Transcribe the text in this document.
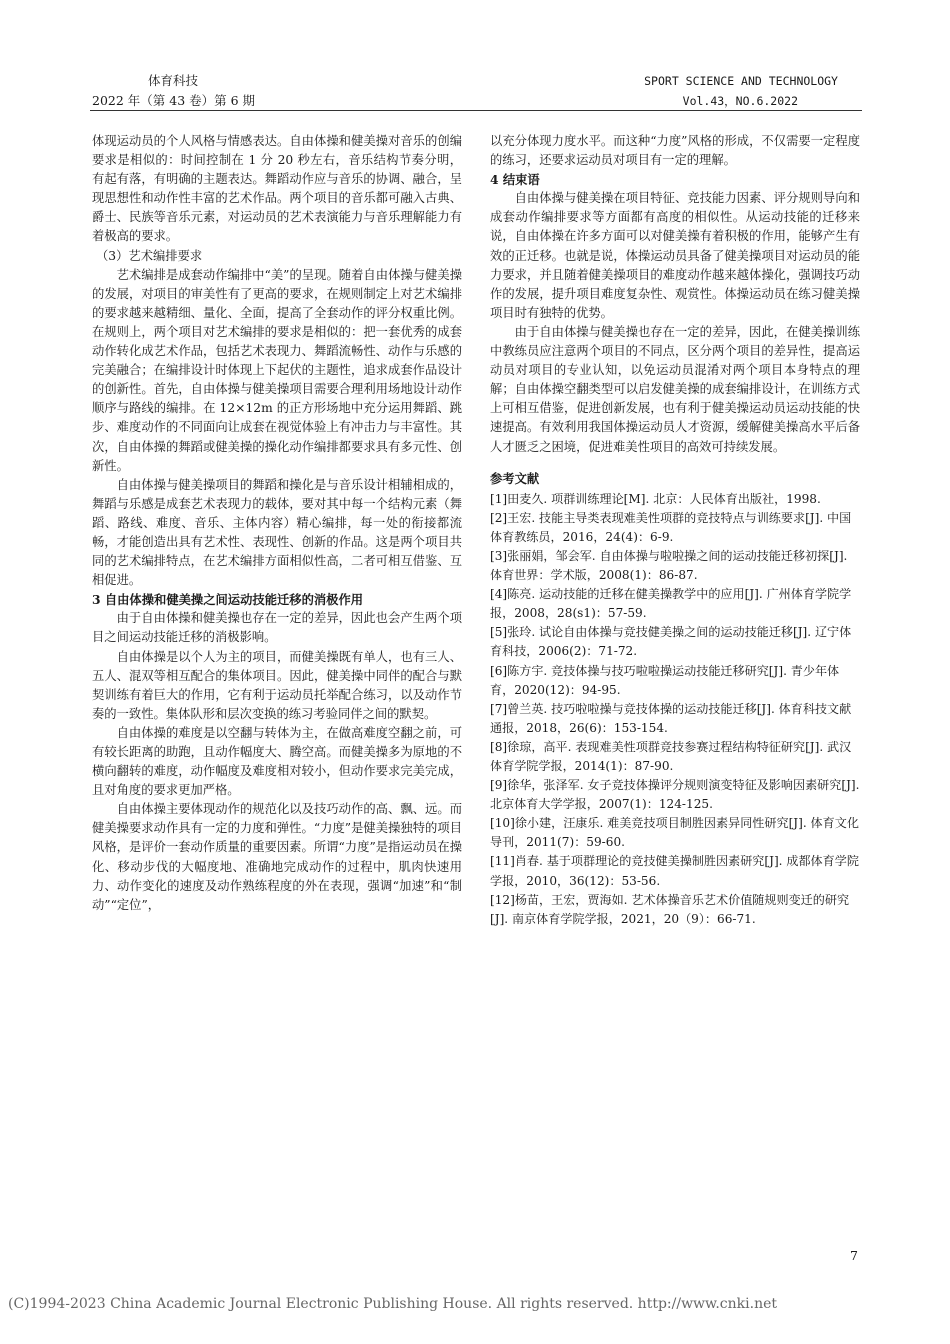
体育科技
2022 年（第 43 卷）第 6 期
SPORT SCIENCE AND TECHNOLOGY
Vol.43，NO.6.2022

体现运动员的个人风格与情感表达。自由体操和健美操对音乐的创编要求是相似的：时间控制在 1 分 20 秒左右，音乐结构节奏分明，有起有落，有明确的主题表达。舞蹈动作应与音乐的协调、融合，呈现思想性和动作性丰富的艺术作品。两个项目的音乐都可融入古典、爵士、民族等音乐元素，对运动员的艺术表演能力与音乐理解能力有着极高的要求。

（3）艺术编排要求

艺术编排是成套动作编排中“美”的呈现。随着自由体操与健美操的发展，对项目的审美性有了更高的要求，在规则制定上对艺术编排的要求越来越精细、量化、全面，提高了全套动作的评分权重比例。在规则上，两个项目对艺术编排的要求是相似的：把一套优秀的成套动作转化成艺术作品，包括艺术表现力、舞蹈流畅性、动作与乐感的完美融合；在编排设计时体现上下起伏的主题性，追求成套作品设计的创新性。首先，自由体操与健美操项目需要合理利用场地设计动作顺序与路线的编排。在 12×12m 的正方形场地中充分运用舞蹈、跳步、难度动作的不同面向让成套在视觉体验上有冲击力与丰富性。其次，自由体操的舞蹈或健美操的操化动作编排都要求具有多元性、创新性。

自由体操与健美操项目的舞蹈和操化是与音乐设计相辅相成的，舞蹈与乐感是成套艺术表现力的载体，要对其中每一个结构元素（舞蹈、路线、难度、音乐、主体内容）精心编排，每一处的衔接都流畅，才能创造出具有艺术性、表现性、创新的作品。这是两个项目共同的艺术编排特点，在艺术编排方面相似性高，二者可相互借鉴、互相促进。

3 自由体操和健美操之间运动技能迁移的消极作用

由于自由体操和健美操也存在一定的差异，因此也会产生两个项目之间运动技能迁移的消极影响。

自由体操是以个人为主的项目，而健美操既有单人，也有三人、五人、混双等相互配合的集体项目。因此，健美操中同伴的配合与默契训练有着巨大的作用，它有利于运动员托举配合练习，以及动作节奏的一致性。集体队形和层次变换的练习考验同伴之间的默契。

自由体操的难度是以空翻与转体为主，在做高难度空翻之前，可有较长距离的助跑，且动作幅度大、腾空高。而健美操多为原地的不横向翻转的难度，动作幅度及难度相对较小，但动作要求完美完成，且对角度的要求更加严格。

自由体操主要体现动作的规范化以及技巧动作的高、飘、远。而健美操要求动作具有一定的力度和弹性。“力度”是健美操独特的项目风格，是评价一套动作质量的重要因素。所谓“力度”是指运动员在操化、移动步伐的大幅度地、准确地完成动作的过程中，肌肉快速用力、动作变化的速度及动作熟练程度的外在表现，强调“加速”和“制动”“定位”，

以充分体现力度水平。而这种“力度”风格的形成，不仅需要一定程度的练习，还要求运动员对项目有一定的理解。

4 结束语

自由体操与健美操在项目特征、竞技能力因素、评分规则导向和成套动作编排要求等方面都有高度的相似性。从运动技能的迁移来说，自由体操在许多方面可以对健美操有着积极的作用，能够产生有效的正迁移。也就是说，体操运动员具备了健美操项目对运动员的能力要求，并且随着健美操项目的难度动作越来越体操化，强调技巧动作的发展，提升项目难度复杂性、观赏性。体操运动员在练习健美操项目时有独特的优势。

由于自由体操与健美操也存在一定的差异，因此，在健美操训练中教练员应注意两个项目的不同点，区分两个项目的差异性，提高运动员对项目的专业认知，以免运动员混淆对两个项目本身特点的理解；自由体操空翻类型可以启发健美操的成套编排设计，在训练方式上可相互借鉴，促进创新发展，也有利于健美操运动员运动技能的快速提高。有效利用我国体操运动员人才资源，缓解健美操高水平后备人才匮乏之困境，促进难美性项目的高效可持续发展。

参考文献

[1]田麦久. 项群训练理论[M]. 北京：人民体育出版社，1998.

[2]王宏. 技能主导类表现难美性项群的竞技特点与训练要求[J]. 中国体育教练员，2016，24(4)：6-9.

[3]张丽娟，邹会军. 自由体操与啦啦操之间的运动技能迁移初探[J]. 体育世界：学术版，2008(1)：86-87.

[4]陈亮. 运动技能的迁移在健美操教学中的应用[J]. 广州体育学院学报，2008，28(s1)：57-59.

[5]张玲. 试论自由体操与竞技健美操之间的运动技能迁移[J]. 辽宁体育科技，2006(2)：71-72.

[6]陈方宇. 竞技体操与技巧啦啦操运动技能迁移研究[J]. 青少年体育，2020(12)：94-95.

[7]曾兰英. 技巧啦啦操与竞技体操的运动技能迁移[J]. 体育科技文献通报，2018，26(6)：153-154.

[8]徐琼，高平. 表现难美性项群竞技参赛过程结构特征研究[J]. 武汉体育学院学报，2014(1)：87-90.

[9]徐华，张泽军. 女子竞技体操评分规则演变特征及影响因素研究[J]. 北京体育大学学报，2007(1)：124-125.

[10]徐小建，汪康乐. 难美竞技项目制胜因素异同性研究[J]. 体育文化导刊，2011(7)：59-60.

[11]肖春. 基于项群理论的竞技健美操制胜因素研究[J]. 成都体育学院学报，2010，36(12)：53-56.

[12]杨苗，王宏，贾海如. 艺术体操音乐艺术价值随规则变迁的研究[J]. 南京体育学院学报，2021，20（9）：66-71.

7
(C)1994-2023 China Academic Journal Electronic Publishing House. All rights reserved. http://www.cnki.net
